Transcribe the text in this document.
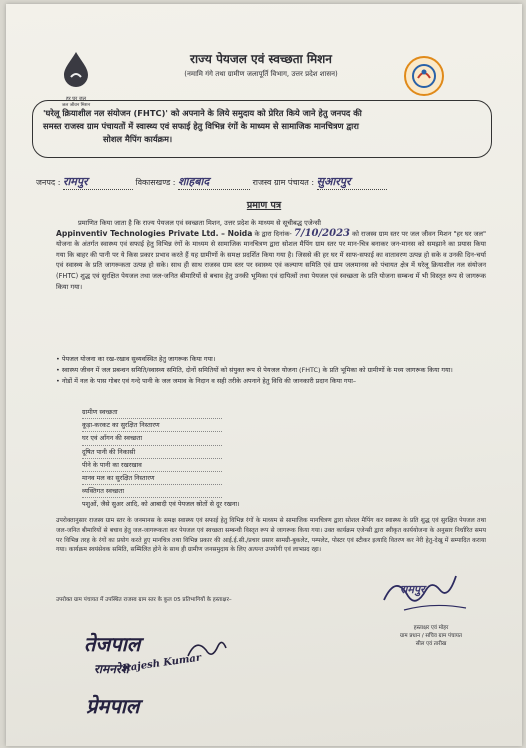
हर घर जल
जल जीवन मिशन
राज्य पेयजल एवं स्वच्छता मिशन
(नमामि गंगे तथा ग्रामीण जलापूर्ति विभाग, उत्तर प्रदेश शासन)
'घरेलू क्रियाशील नल संयोजन (FHTC)' को अपनाने के लिये समुदाय को प्रेरित किये जाने हेतु जनपद की
समस्त राजस्व ग्राम पंचायतों में स्वास्थ्य एवं सफाई हेतु विभिन्न रंगों के माध्यम से सामाजिक मानचित्रण द्वारा
सोशल मैपिंग कार्यक्रम।
जनपद : रामपुर	विकासखण्ड : शाहबाद	राजस्व ग्राम पंचायत : सुआरपुर
प्रमाण पत्र
प्रमाणित किया जाता है कि राज्य पेयजल एवं स्वच्छता मिशन, उत्तर प्रदेश के माध्यम से सूचीबद्ध एजेन्सी
Appinventiv Technologies Private Ltd. – Noida के द्वारा दिनांक- 7/10/2023 को राजस्व ग्राम स्तर पर जल जीवन मिशन "हर घर जल" योजना के अंतर्गत स्वास्थ्य एवं सफाई हेतु विभिन्न रंगों के माध्यम से सामाजिक मानचित्रण द्वारा सोशल मैपिंग ग्राम स्तर पर मान-चित्र बनाकर जन-मानस को समझाने का प्रयास किया गया कि बाहर की पानी पर ये किस प्रकार प्रभाव करते हैं यह ग्रामीणों के समक्ष प्रदर्शित किया गया है। जिससे की हर घर में साफ-सफाई का वातावरण उत्पन्न हो सके व उनकी दिन-चर्या एवं स्वास्थ्य के प्रति जागरूकता उत्पन्न हो सके। साथ ही साथ राजस्व ग्राम स्तर पर स्वास्थ्य एवं कल्याण समिति एवं ग्राम जलमानस को पंचायत क्षेत्र में घरेलू क्रियाशील नल संयोजन (FHTC) शुद्ध एवं सुरक्षित पेयजल तथा जल-जनित बीमारियों से बचाव हेतु उनकी भूमिका एवं दायित्वों तथा पेयजल एवं स्वच्छता के प्रति योजना सम्बन्ध में भी विस्तृत रूप से जागरूक किया गया।
• पेयजल योजना का रख-रखाव सुव्यवस्थित हेतु जागरूक किया गया।
• स्वास्थ्य जीवन में जल प्रबन्धन समिति/स्वास्थ्य समिति, दोनों समितियों को संयुक्त रूप से पेयजल योजना (FHTC) के प्रति भूमिका को ग्रामीणों के मध्य जागरूक किया गया।
• नोडों में नल के पास गोबर एवं गन्दे पानी के जल जमाव के निदान व सही तरीके अपनाने हेतु विधि की जानकारी प्रदान किया गया–
ग्रामीण स्वच्छता
कूड़ा-करकट का सुरक्षित निस्तारण
घर एवं आँगन की स्वच्छता
दूषित पानी की निकासी
पीने के पानी का रखरखाव
मानव मल का सुरक्षित निस्तारण
व्यक्तिगत स्वच्छता
पशुओं, जैसे सुअर आदि, को आबादी एवं पेयजल स्रोतों से दूर रखना।
उपरोक्तानुसार राजस्व ग्राम स्तर के जनमानस के समक्ष स्वास्थ्य एवं सफाई हेतु विभिन्न रंगों के माध्यम से सामाजिक मानचित्रण द्वारा सोशल मैपिंग कर स्वास्थ्य के प्रति शुद्ध एवं सुरक्षित पेयजल तथा जल-जनित बीमारियों से बचाव हेतु जल-जागरूकता कर पेयजल एवं स्वच्छता सम्बन्धी विस्तृत रूप से जागरूक किया गया। उक्त कार्यक्रम एजेन्सी द्वारा स्वीकृत कार्ययोजना के अनुसार निर्धारित समय पर विभिन्न तरह के रंगों का प्रयोग करते हुए मानचित्र तथा विभिन्न प्रकार की आई.ई.सी./प्रचार प्रसार सामग्री-बुकलेट, पम्पलेट, पोस्टर एवं स्टीकर इत्यादि वितरण कर नेरी हेतु-देखु में सम्पादित कराया गया। कार्यक्रम स्वयंसेवक समिति, सम्मिलित होने के साथ ही ग्रामीण जनसमुदाय के लिए अत्यन्त उपयोगी एवं लाभप्रद रहा।
उपरोक्त ग्राम पंचायत में उपस्थित राजस्व ग्राम स्तर के कुल 05 प्रतिभागियों के हस्ताक्षर–
रामपुर
हस्ताक्षर एवं मोहर
ग्राम प्रधान / सचिव ग्राम पंचायत
सील एवं तारीख
तेजपाल
Rajesh Kumar
रामनरेश
प्रेमपाल
